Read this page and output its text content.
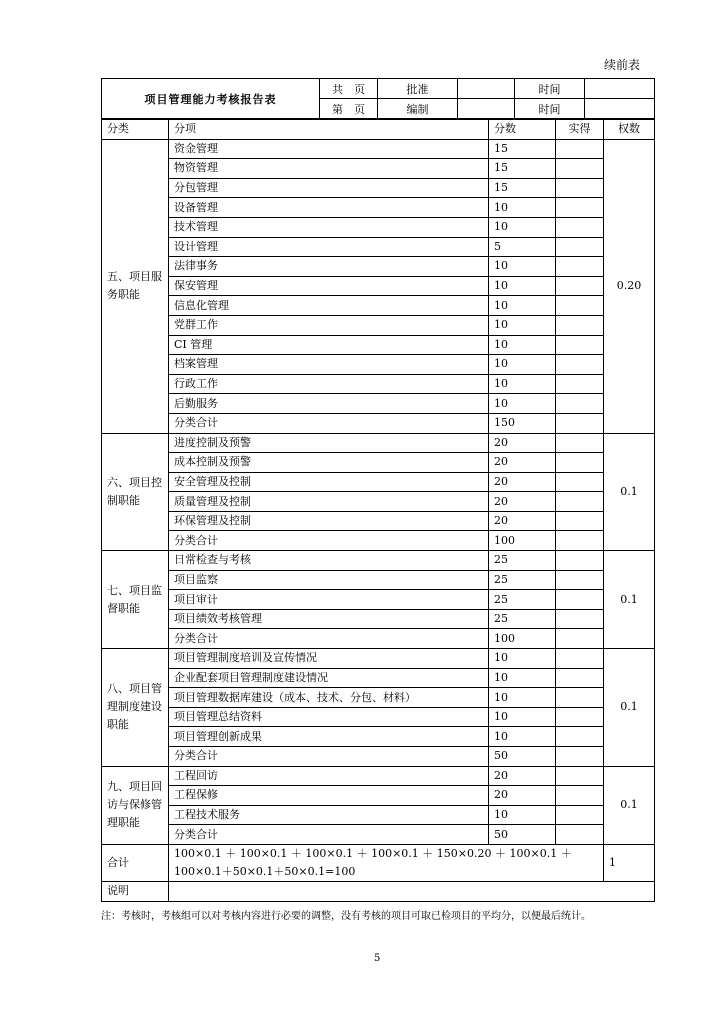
续前表
项目管理能力考核报告表	共　页	批准		时间	
	第　页	编制		时间	
分类	分项	分数	实得	权数
五、项目服务职能	资金管理	15		0.20
	物资管理	15		
	分包管理	15		
	设备管理	10		
	技术管理	10		
	设计管理	5		
	法律事务	10		
	保安管理	10		
	信息化管理	10		
	党群工作	10		
	CI 管理	10		
	档案管理	10		
	行政工作	10		
	后勤服务	10		
	分类合计	150		
六、项目控制职能	进度控制及预警	20		0.1
	成本控制及预警	20		
	安全管理及控制	20		
	质量管理及控制	20		
	环保管理及控制	20		
	分类合计	100		
七、项目监督职能	日常检查与考核	25		0.1
	项目监察	25		
	项目审计	25		
	项目绩效考核管理	25		
	分类合计	100		
八、项目管理制度建设职能	项目管理制度培训及宣传情况	10		0.1
	企业配套项目管理制度建设情况	10		
	项目管理数据库建设（成本、技术、分包、材料）	10		
	项目管理总结资料	10		
	项目管理创新成果	10		
	分类合计	50		
九、项目回访与保修管理职能	工程回访	20		0.1
	工程保修	20		
	工程技术服务	10		
	分类合计	50		
合计	100×0.1 ＋ 100×0.1 ＋ 100×0.1 ＋ 100×0.1 ＋ 150×0.20 ＋ 100×0.1 ＋ 100×0.1＋50×0.1＋50×0.1=100			1
说明				
注：考核时，考核组可以对考核内容进行必要的调整，没有考核的项目可取已检项目的平均分，以便最后统计。
5
